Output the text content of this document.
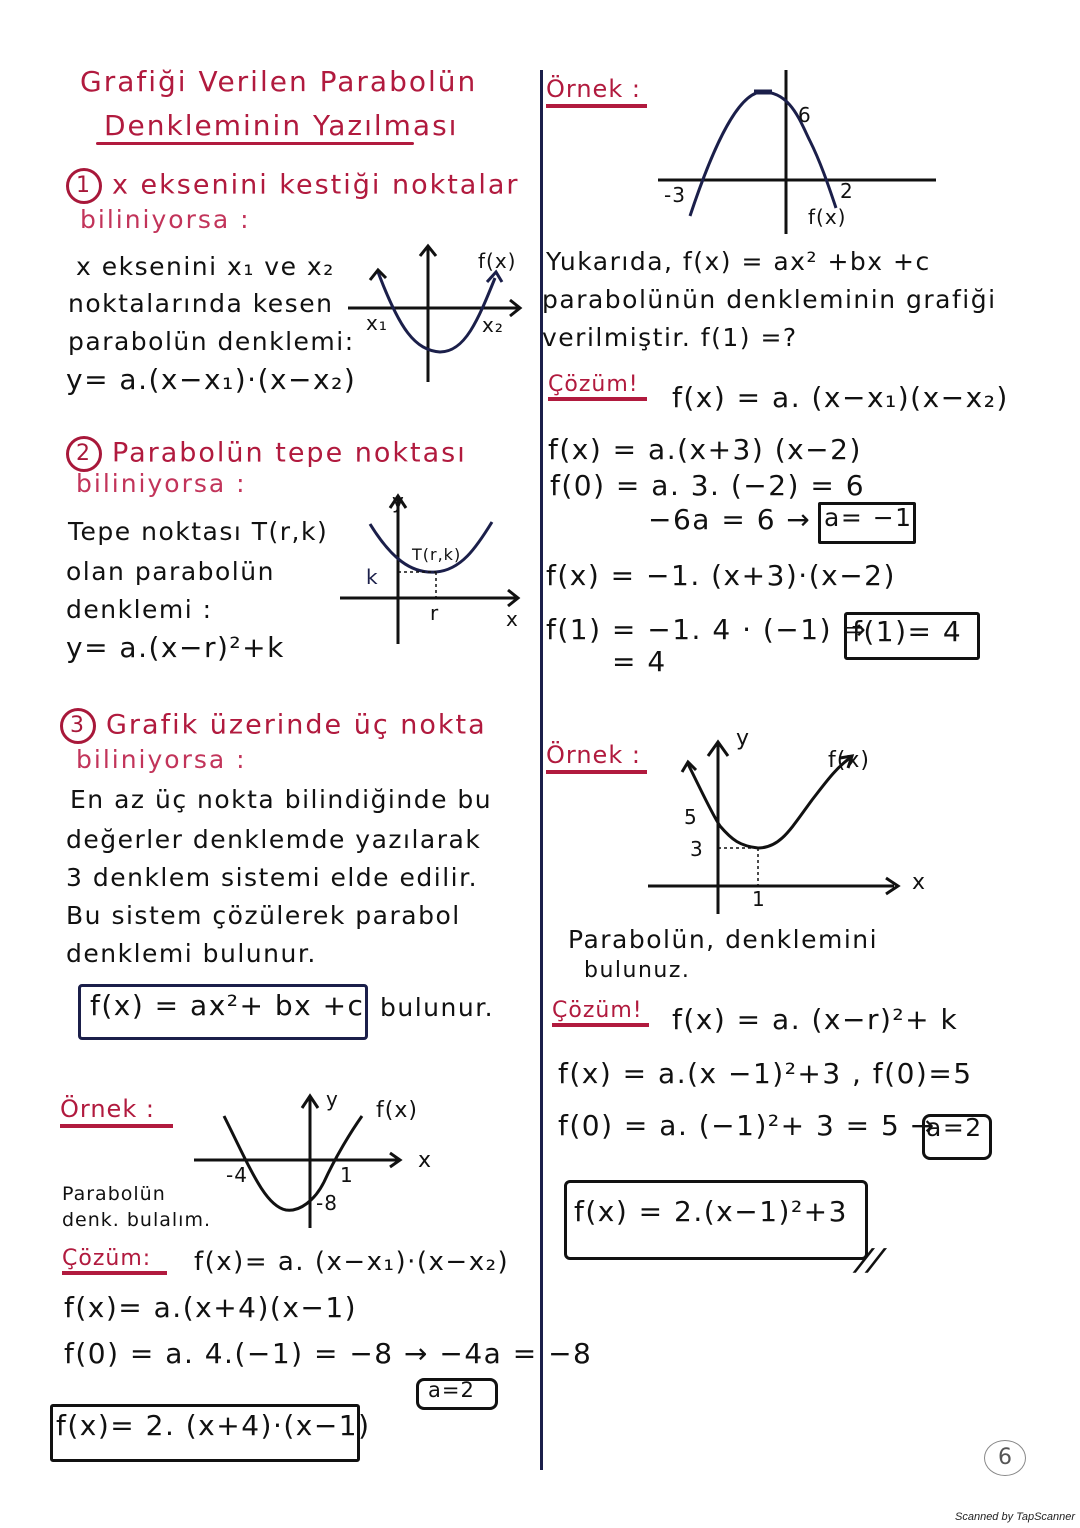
Grafiği Verilen Parabolün
Denkleminin Yazılması
1 x eksenini kestiği noktalar
biliniyorsa :
x eksenini x₁ ve x₂
noktalarında kesen
parabolün denklemi:
y= a.(x−x₁)·(x−x₂)
f(x)
x₁	x₂
2 Parabolün tepe noktası
biliniyorsa :
Tepe noktası T(r,k)
olan parabolün
denklemi :
y= a.(x−r)²+k
y
T(r,k)
k
r	x
3 Grafik üzerinde üç nokta
biliniyorsa :
En az üç nokta bilindiğinde bu
değerler denklemde yazılarak
3 denklem sistemi elde edilir.
Bu sistem çözülerek parabol
denklemi bulunur.
f(x) = ax²+ bx +c bulunur.
Örnek :	y f(x)
x
-4	1
-8
Parabolün
denk. bulalım.
Çözüm:	f(x)= a. (x−x₁)·(x−x₂)
f(x)= a.(x+4)(x−1)
f(0) = a. 4.(−1) = −8 → −4a = −8
a=2
f(x)= 2. (x+4)·(x−1)
Örnek :
6
-3	2
f(x)
Yukarıda, f(x) = ax² +bx +c
parabolünün denkleminin grafiği
verilmiştir. f(1) =?
Çözüm! f(x) = a. (x−x₁)(x−x₂)
f(x) = a.(x+3) (x−2)
f(0) = a. 3. (−2) = 6
−6a = 6 → a= −1
f(x) = −1. (x+3)·(x−2)
f(1) = −1. 4 · (−1) ⇒
= 4
f(1)= 4
Örnek :
y
f(x)
x
5
3
1
Parabolün, denklemini
bulunuz.
Çözüm! f(x) = a. (x−r)²+ k
f(x) = a.(x −1)²+3 , f(0)=5
f(0) = a. (−1)²+ 3 = 5 →
a=2
f(x) = 2.(x−1)²+3
//
6
Scanned by TapScanner
